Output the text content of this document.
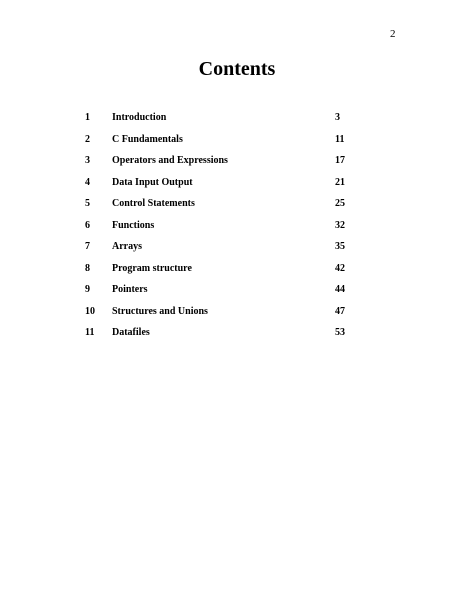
2
Contents
1 Introduction	3
2 C Fundamentals	11
3 Operators and Expressions	17
4 Data Input Output	21
5 Control Statements	25
6 Functions	32
7 Arrays	35
8 Program structure	42
9 Pointers	44
10 Structures and Unions	47
11 Datafiles	53
